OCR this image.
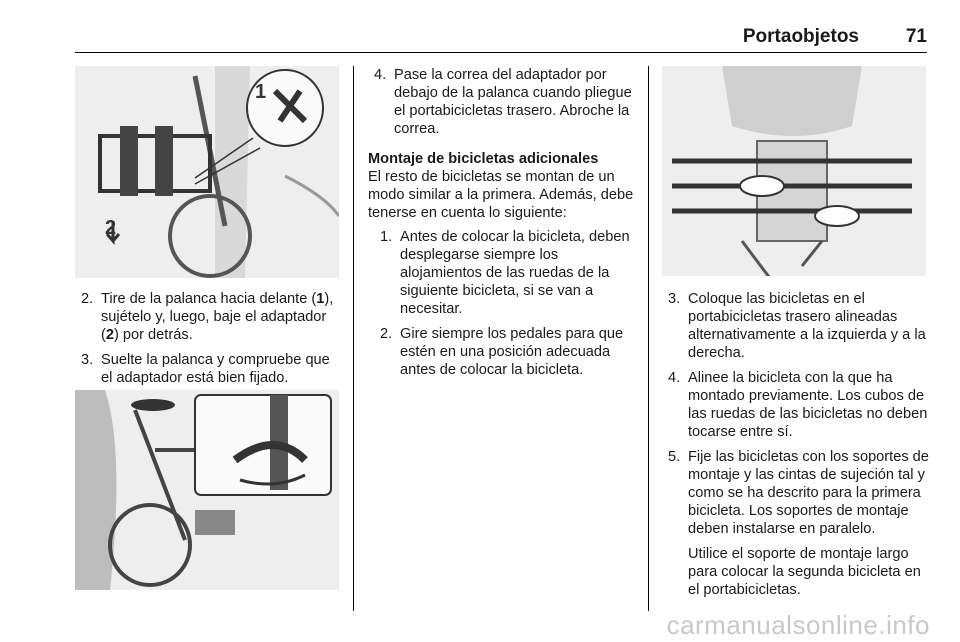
Portaobjetos 71
1
2
2. Tire de la palanca hacia delante (1), sujételo y, luego, baje el adaptador (2) por detrás.

3. Suelte la palanca y compruebe que el adaptador está bien fijado.

4. Pase la correa del adaptador por debajo de la palanca cuando pliegue el portabicicletas trasero. Abroche la correa.

Montaje de bicicletas adicionales

El resto de bicicletas se montan de un modo similar a la primera. Además, debe tenerse en cuenta lo siguiente:

1. Antes de colocar la bicicleta, deben desplegarse siempre los alojamientos de las ruedas de la siguiente bicicleta, si se van a necesitar.

2. Gire siempre los pedales para que estén en una posición adecuada antes de colocar la bicicleta.

3. Coloque las bicicletas en el portabicicletas trasero alineadas alternativamente a la izquierda y a la derecha.

4. Alinee la bicicleta con la que ha montado previamente. Los cubos de las ruedas de las bicicletas no deben tocarse entre sí.

5. Fije las bicicletas con los soportes de montaje y las cintas de sujeción tal y como se ha descrito para la primera bicicleta. Los soportes de montaje deben instalarse en paralelo.

Utilice el soporte de montaje largo para colocar la segunda bicicleta en el portabicicletas.

carmanualsonline.info
